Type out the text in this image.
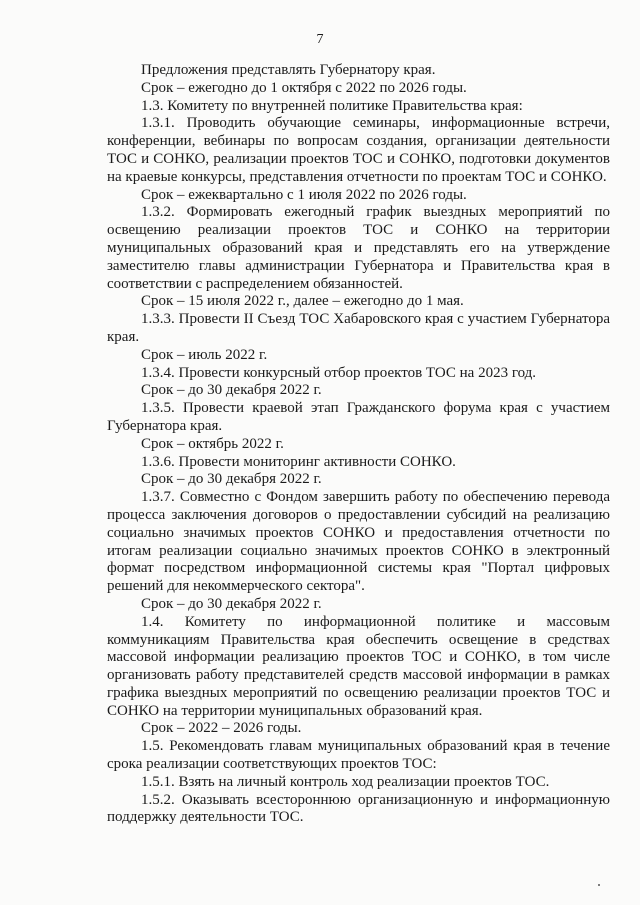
7

Предложения представлять Губернатору края.

Срок – ежегодно до 1 октября с 2022 по 2026 годы.

1.3. Комитету по внутренней политике Правительства края:

1.3.1. Проводить обучающие семинары, информационные встречи, конференции, вебинары по вопросам создания, организации деятельности ТОС и СОНКО, реализации проектов ТОС и СОНКО, подготовки документов на краевые конкурсы, представления отчетности по проектам ТОС и СОНКО.

Срок – ежеквартально с 1 июля 2022 по 2026 годы.

1.3.2. Формировать ежегодный график выездных мероприятий по освещению реализации проектов ТОС и СОНКО на территории муниципальных образований края и представлять его на утверждение заместителю главы администрации Губернатора и Правительства края в соответствии с распределением обязанностей.

Срок – 15 июля 2022 г., далее – ежегодно до 1 мая.

1.3.3. Провести II Съезд ТОС Хабаровского края с участием Губернатора края.

Срок – июль 2022 г.

1.3.4. Провести конкурсный отбор проектов ТОС на 2023 год.

Срок – до 30 декабря 2022 г.

1.3.5. Провести краевой этап Гражданского форума края с участием Губернатора края.

Срок – октябрь 2022 г.

1.3.6. Провести мониторинг активности СОНКО.

Срок – до 30 декабря 2022 г.

1.3.7. Совместно с Фондом завершить работу по обеспечению перевода процесса заключения договоров о предоставлении субсидий на реализацию социально значимых проектов СОНКО и предоставления отчетности по итогам реализации социально значимых проектов СОНКО в электронный формат посредством информационной системы края "Портал цифровых решений для некоммерческого сектора".

Срок – до 30 декабря 2022 г.

1.4. Комитету по информационной политике и массовым коммуникациям Правительства края обеспечить освещение в средствах массовой информации реализацию проектов ТОС и СОНКО, в том числе организовать работу представителей средств массовой информации в рамках графика выездных мероприятий по освещению реализации проектов ТОС и СОНКО на территории муниципальных образований края.

Срок – 2022 – 2026 годы.

1.5. Рекомендовать главам муниципальных образований края в течение срока реализации соответствующих проектов ТОС:

1.5.1. Взять на личный контроль ход реализации проектов ТОС.

1.5.2. Оказывать всестороннюю организационную и информационную поддержку деятельности ТОС.
